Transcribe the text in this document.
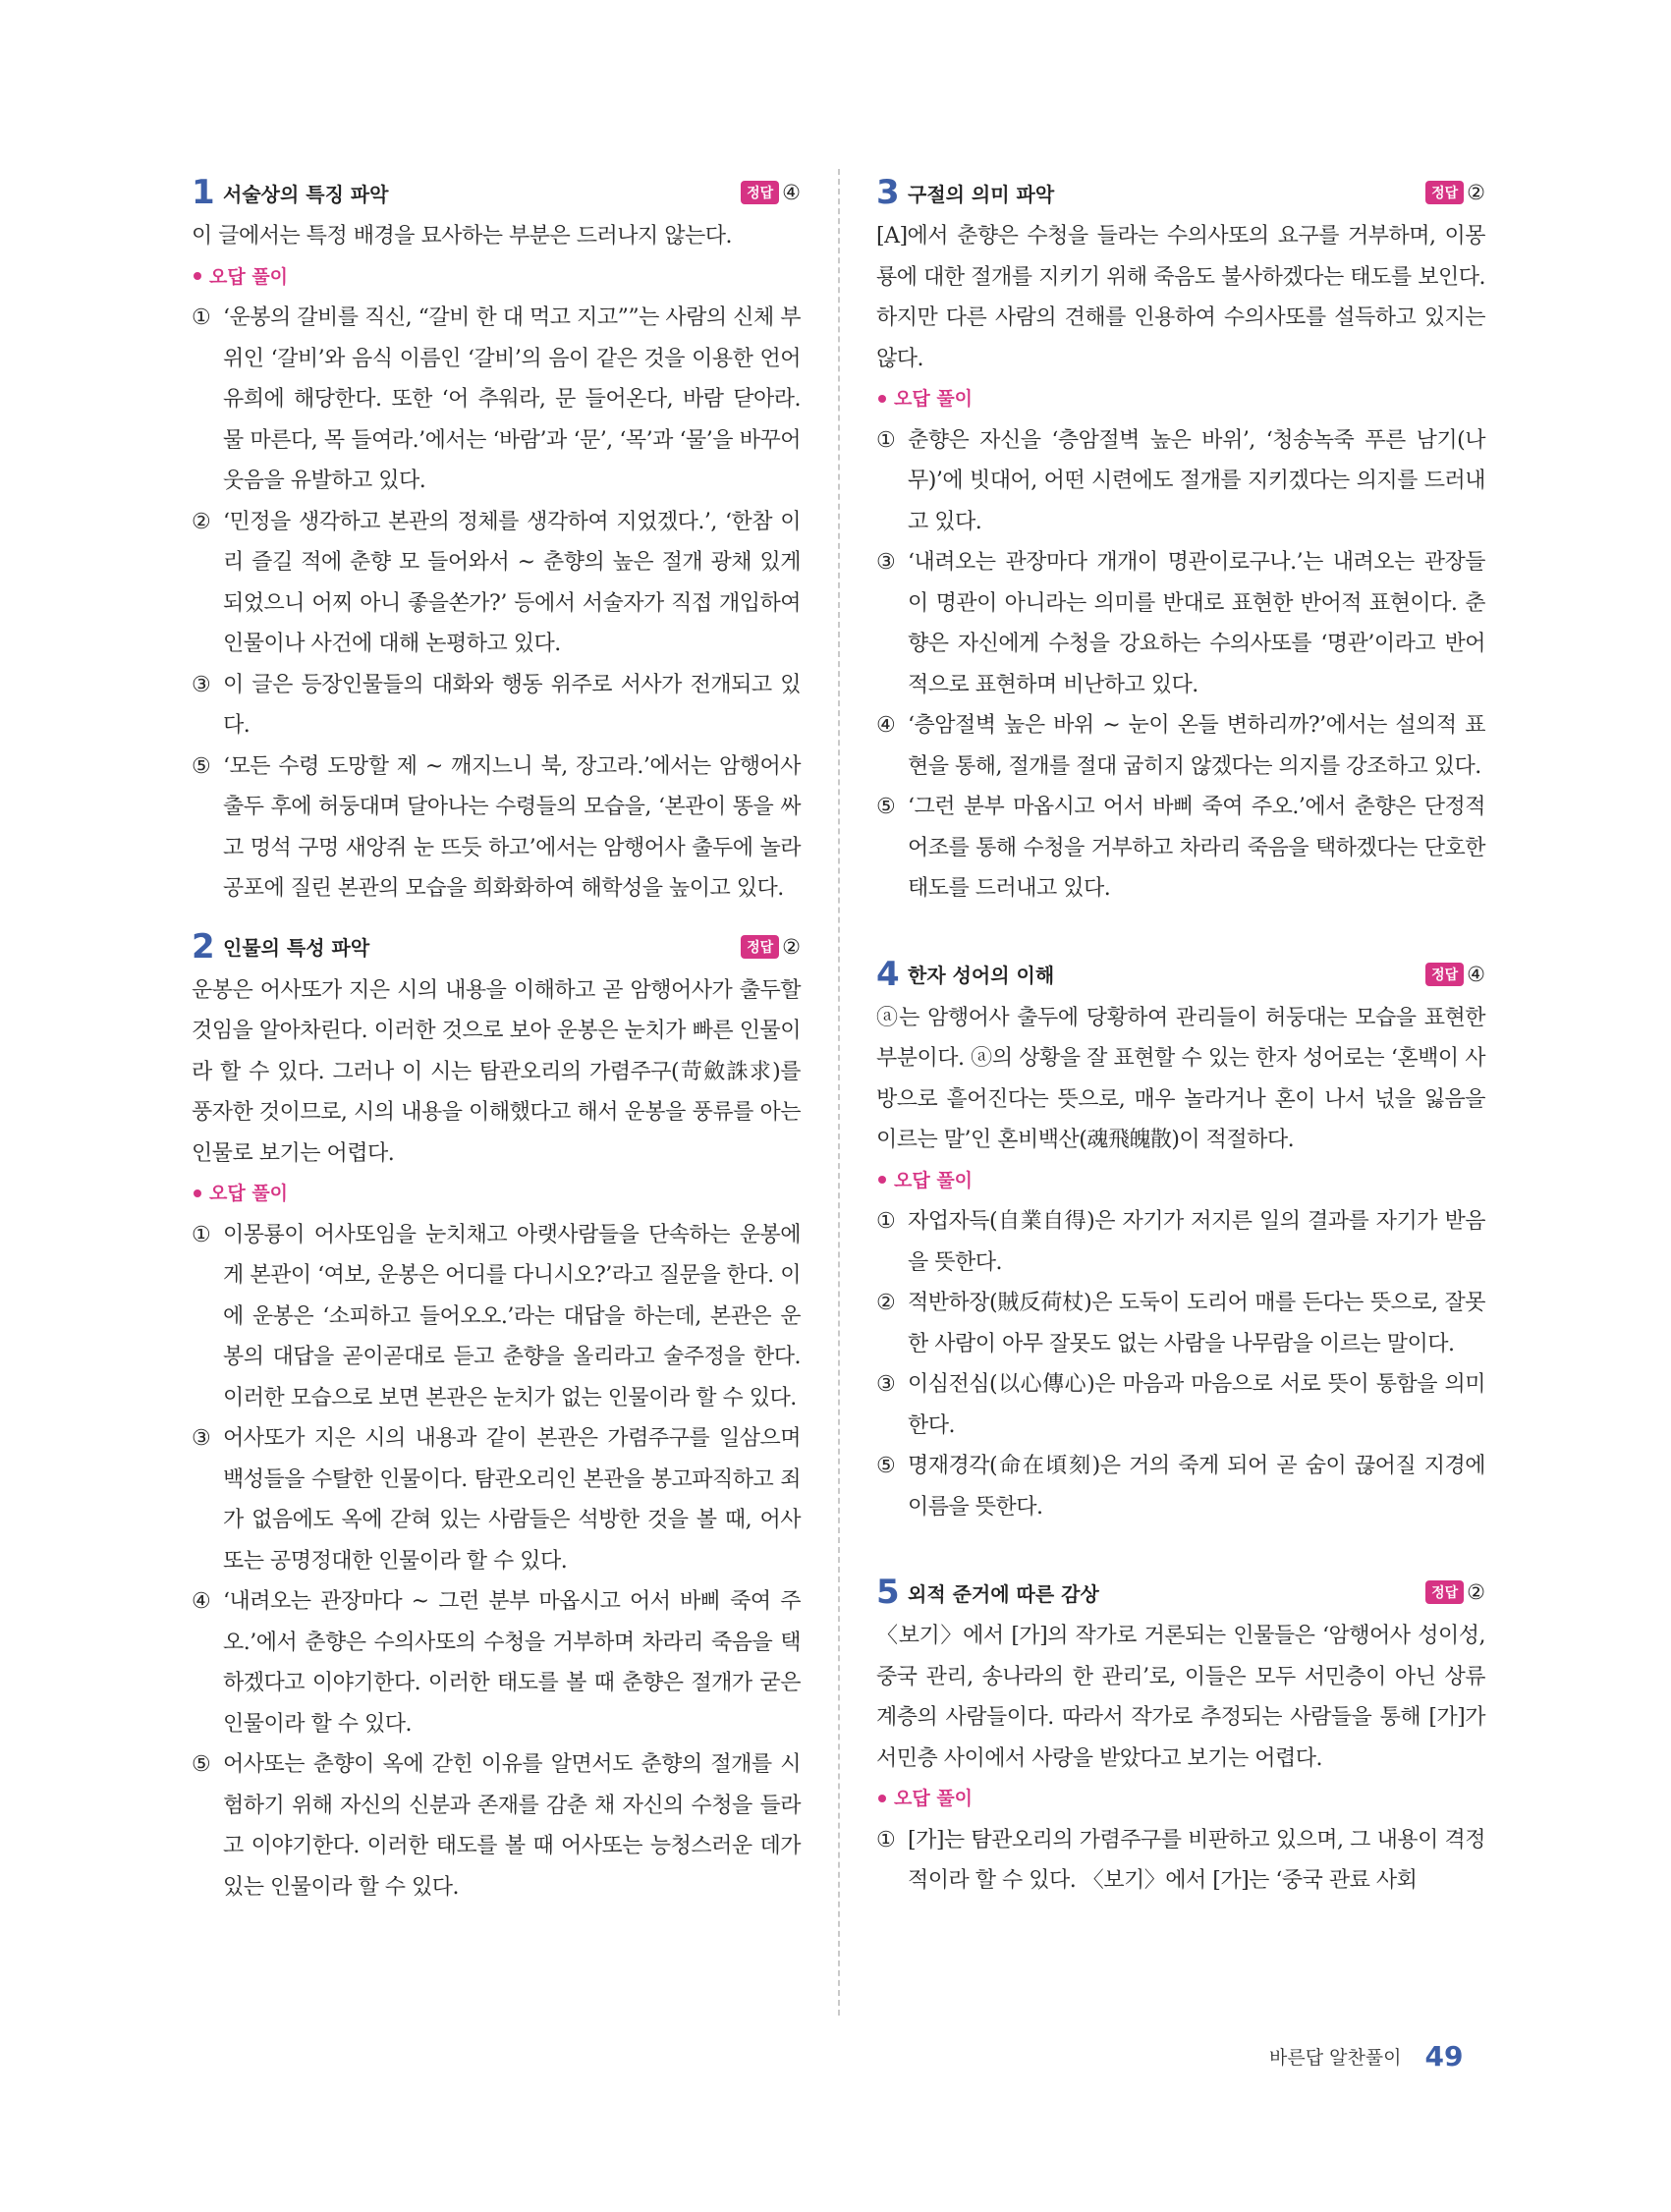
1 서술상의 특징 파악	정답 ④

이 글에서는 특정 배경을 묘사하는 부분은 드러나지 않는다.

오답 풀이
① ‘운봉의 갈비를 직신, “갈비 한 대 먹고 지고””는 사람의 신체 부위인 ‘갈비’와 음식 이름인 ‘갈비’의 음이 같은 것을 이용한 언어유희에 해당한다. 또한 ‘어 추워라, 문 들어온다, 바람 닫아라. 물 마른다, 목 들여라.’에서는 ‘바람’과 ‘문’, ‘목’과 ‘물’을 바꾸어 웃음을 유발하고 있다.

② ‘민정을 생각하고 본관의 정체를 생각하여 지었겠다.’, ‘한참 이리 즐길 적에 춘향 모 들어와서 ~ 춘향의 높은 절개 광채 있게 되었으니 어찌 아니 좋을쏜가?’ 등에서 서술자가 직접 개입하여 인물이나 사건에 대해 논평하고 있다.

③ 이 글은 등장인물들의 대화와 행동 위주로 서사가 전개되고 있다.

⑤ ‘모든 수령 도망할 제 ~ 깨지느니 북, 장고라.’에서는 암행어사 출두 후에 허둥대며 달아나는 수령들의 모습을, ‘본관이 똥을 싸고 멍석 구멍 새앙쥐 눈 뜨듯 하고’에서는 암행어사 출두에 놀라 공포에 질린 본관의 모습을 희화화하여 해학성을 높이고 있다.

2 인물의 특성 파악	정답 ②

운봉은 어사또가 지은 시의 내용을 이해하고 곧 암행어사가 출두할 것임을 알아차린다. 이러한 것으로 보아 운봉은 눈치가 빠른 인물이라 할 수 있다. 그러나 이 시는 탐관오리의 가렴주구(苛斂誅求)를 풍자한 것이므로, 시의 내용을 이해했다고 해서 운봉을 풍류를 아는 인물로 보기는 어렵다.

오답 풀이
① 이몽룡이 어사또임을 눈치채고 아랫사람들을 단속하는 운봉에게 본관이 ‘여보, 운봉은 어디를 다니시오?’라고 질문을 한다. 이에 운봉은 ‘소피하고 들어오오.’라는 대답을 하는데, 본관은 운봉의 대답을 곧이곧대로 듣고 춘향을 올리라고 술주정을 한다. 이러한 모습으로 보면 본관은 눈치가 없는 인물이라 할 수 있다.

③ 어사또가 지은 시의 내용과 같이 본관은 가렴주구를 일삼으며 백성들을 수탈한 인물이다. 탐관오리인 본관을 봉고파직하고 죄가 없음에도 옥에 갇혀 있는 사람들은 석방한 것을 볼 때, 어사또는 공명정대한 인물이라 할 수 있다.

④ ‘내려오는 관장마다 ~ 그런 분부 마옵시고 어서 바삐 죽여 주오.’에서 춘향은 수의사또의 수청을 거부하며 차라리 죽음을 택하겠다고 이야기한다. 이러한 태도를 볼 때 춘향은 절개가 굳은 인물이라 할 수 있다.

⑤ 어사또는 춘향이 옥에 갇힌 이유를 알면서도 춘향의 절개를 시험하기 위해 자신의 신분과 존재를 감춘 채 자신의 수청을 들라고 이야기한다. 이러한 태도를 볼 때 어사또는 능청스러운 데가 있는 인물이라 할 수 있다.

3 구절의 의미 파악	정답 ②

[A]에서 춘향은 수청을 들라는 수의사또의 요구를 거부하며, 이몽룡에 대한 절개를 지키기 위해 죽음도 불사하겠다는 태도를 보인다. 하지만 다른 사람의 견해를 인용하여 수의사또를 설득하고 있지는 않다.

오답 풀이
① 춘향은 자신을 ‘층암절벽 높은 바위’, ‘청송녹죽 푸른 남기(나무)’에 빗대어, 어떤 시련에도 절개를 지키겠다는 의지를 드러내고 있다.

③ ‘내려오는 관장마다 개개이 명관이로구나.’는 내려오는 관장들이 명관이 아니라는 의미를 반대로 표현한 반어적 표현이다. 춘향은 자신에게 수청을 강요하는 수의사또를 ‘명관’이라고 반어적으로 표현하며 비난하고 있다.

④ ‘층암절벽 높은 바위 ~ 눈이 온들 변하리까?’에서는 설의적 표현을 통해, 절개를 절대 굽히지 않겠다는 의지를 강조하고 있다.

⑤ ‘그런 분부 마옵시고 어서 바삐 죽여 주오.’에서 춘향은 단정적 어조를 통해 수청을 거부하고 차라리 죽음을 택하겠다는 단호한 태도를 드러내고 있다.

4 한자 성어의 이해	정답 ④

ⓐ는 암행어사 출두에 당황하여 관리들이 허둥대는 모습을 표현한 부분이다. ⓐ의 상황을 잘 표현할 수 있는 한자 성어로는 ‘혼백이 사방으로 흩어진다는 뜻으로, 매우 놀라거나 혼이 나서 넋을 잃음을 이르는 말’인 혼비백산(魂飛魄散)이 적절하다.

오답 풀이
① 자업자득(自業自得)은 자기가 저지른 일의 결과를 자기가 받음을 뜻한다.

② 적반하장(賊反荷杖)은 도둑이 도리어 매를 든다는 뜻으로, 잘못한 사람이 아무 잘못도 없는 사람을 나무람을 이르는 말이다.

③ 이심전심(以心傳心)은 마음과 마음으로 서로 뜻이 통함을 의미한다.

⑤ 명재경각(命在頃刻)은 거의 죽게 되어 곧 숨이 끊어질 지경에 이름을 뜻한다.

5 외적 준거에 따른 감상	정답 ②

〈보기〉에서 [가]의 작가로 거론되는 인물들은 ‘암행어사 성이성, 중국 관리, 송나라의 한 관리’로, 이들은 모두 서민층이 아닌 상류 계층의 사람들이다. 따라서 작가로 추정되는 사람들을 통해 [가]가 서민층 사이에서 사랑을 받았다고 보기는 어렵다.

오답 풀이
① [가]는 탐관오리의 가렴주구를 비판하고 있으며, 그 내용이 격정적이라 할 수 있다. 〈보기〉에서 [가]는 ‘중국 관료 사회

바른답 알찬풀이 49
